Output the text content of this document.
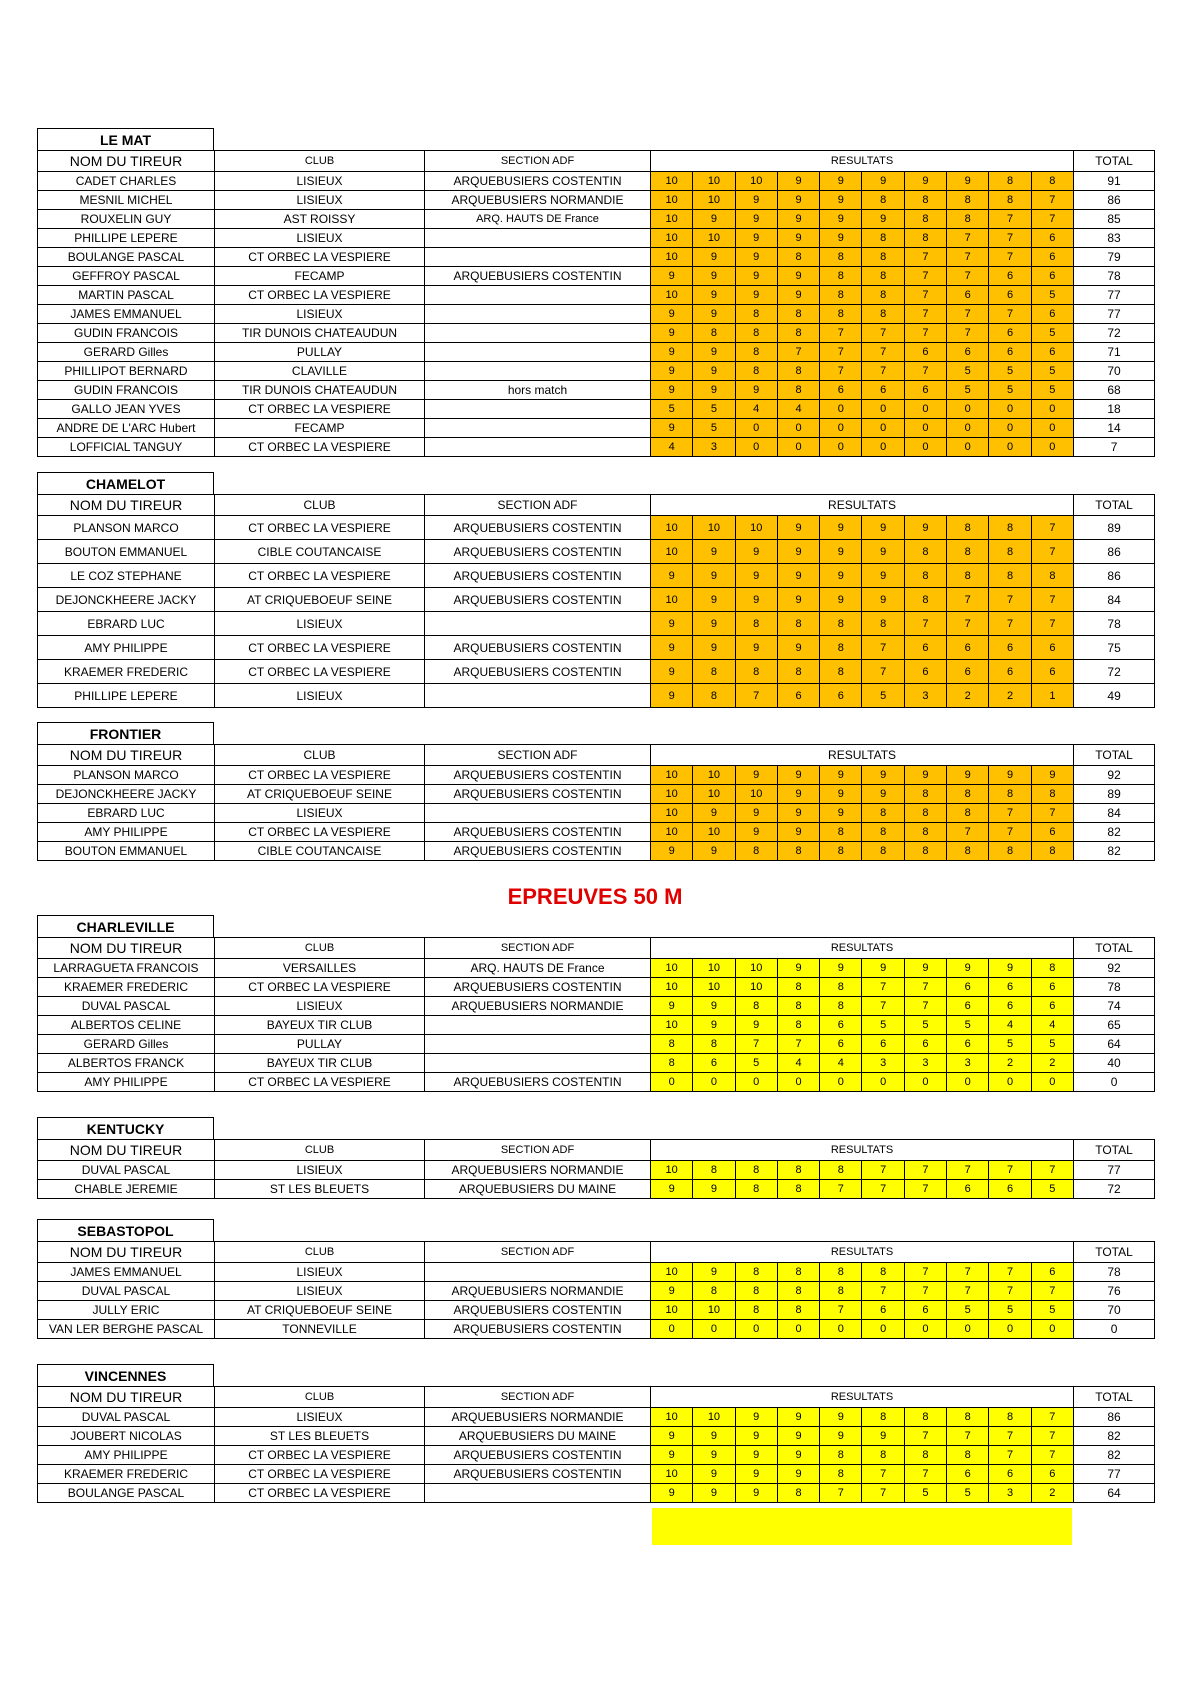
LE MAT
NOM DU TIREUR	CLUB	SECTION ADF	RESULTATS										TOTAL
CADET CHARLES	LISIEUX	ARQUEBUSIERS COSTENTIN	10	10	10	9	9	9	9	9	8	8	91
MESNIL MICHEL	LISIEUX	ARQUEBUSIERS NORMANDIE	10	10	9	9	9	8	8	8	8	7	86
ROUXELIN GUY	AST ROISSY	ARQ. HAUTS DE France	10	9	9	9	9	9	8	8	7	7	85
PHILLIPE LEPERE	LISIEUX		10	10	9	9	9	8	8	7	7	6	83
BOULANGE PASCAL	CT ORBEC LA VESPIERE		10	9	9	8	8	8	7	7	7	6	79
GEFFROY PASCAL	FECAMP	ARQUEBUSIERS COSTENTIN	9	9	9	9	8	8	7	7	6	6	78
MARTIN PASCAL	CT ORBEC LA VESPIERE		10	9	9	9	8	8	7	6	6	5	77
JAMES EMMANUEL	LISIEUX		9	9	8	8	8	8	7	7	7	6	77
GUDIN FRANCOIS	TIR DUNOIS CHATEAUDUN		9	8	8	8	7	7	7	7	6	5	72
GERARD Gilles	PULLAY		9	9	8	7	7	7	6	6	6	6	71
PHILLIPOT BERNARD	CLAVILLE		9	9	8	8	7	7	7	5	5	5	70
GUDIN FRANCOIS	TIR DUNOIS CHATEAUDUN	hors match	9	9	9	8	6	6	6	5	5	5	68
GALLO JEAN YVES	CT ORBEC LA VESPIERE		5	5	4	4	0	0	0	0	0	0	18
ANDRE DE L'ARC Hubert	FECAMP		9	5	0	0	0	0	0	0	0	0	14
LOFFICIAL TANGUY	CT ORBEC LA VESPIERE		4	3	0	0	0	0	0	0	0	0	7
CHAMELOT
NOM DU TIREUR	CLUB	SECTION ADF	RESULTATS										TOTAL
PLANSON MARCO	CT ORBEC LA VESPIERE	ARQUEBUSIERS COSTENTIN	10	10	10	9	9	9	9	8	8	7	89
BOUTON EMMANUEL	CIBLE COUTANCAISE	ARQUEBUSIERS COSTENTIN	10	9	9	9	9	9	8	8	8	7	86
LE COZ STEPHANE	CT ORBEC LA VESPIERE	ARQUEBUSIERS COSTENTIN	9	9	9	9	9	9	8	8	8	8	86
DEJONCKHEERE JACKY	AT CRIQUEBOEUF SEINE	ARQUEBUSIERS COSTENTIN	10	9	9	9	9	9	8	7	7	7	84
EBRARD LUC	LISIEUX		9	9	8	8	8	8	7	7	7	7	78
AMY PHILIPPE	CT ORBEC LA VESPIERE	ARQUEBUSIERS COSTENTIN	9	9	9	9	8	7	6	6	6	6	75
KRAEMER FREDERIC	CT ORBEC LA VESPIERE	ARQUEBUSIERS COSTENTIN	9	8	8	8	8	7	6	6	6	6	72
PHILLIPE LEPERE	LISIEUX		9	8	7	6	6	5	3	2	2	1	49
FRONTIER
NOM DU TIREUR	CLUB	SECTION ADF	RESULTATS										TOTAL
PLANSON MARCO	CT ORBEC LA VESPIERE	ARQUEBUSIERS COSTENTIN	10	10	9	9	9	9	9	9	9	9	92
DEJONCKHEERE JACKY	AT CRIQUEBOEUF SEINE	ARQUEBUSIERS COSTENTIN	10	10	10	9	9	9	8	8	8	8	89
EBRARD LUC	LISIEUX		10	9	9	9	9	8	8	8	7	7	84
AMY PHILIPPE	CT ORBEC LA VESPIERE	ARQUEBUSIERS COSTENTIN	10	10	9	9	8	8	8	7	7	6	82
BOUTON EMMANUEL	CIBLE COUTANCAISE	ARQUEBUSIERS COSTENTIN	9	9	8	8	8	8	8	8	8	8	82
EPREUVES 50 M
CHARLEVILLE
NOM DU TIREUR	CLUB	SECTION ADF	RESULTATS										TOTAL
LARRAGUETA FRANCOIS	VERSAILLES	ARQ. HAUTS DE France	10	10	10	9	9	9	9	9	9	8	92
KRAEMER FREDERIC	CT ORBEC LA VESPIERE	ARQUEBUSIERS COSTENTIN	10	10	10	8	8	7	7	6	6	6	78
DUVAL PASCAL	LISIEUX	ARQUEBUSIERS NORMANDIE	9	9	8	8	8	7	7	6	6	6	74
ALBERTOS CELINE	BAYEUX TIR CLUB		10	9	9	8	6	5	5	5	4	4	65
GERARD Gilles	PULLAY		8	8	7	7	6	6	6	6	5	5	64
ALBERTOS FRANCK	BAYEUX TIR CLUB		8	6	5	4	4	3	3	3	2	2	40
AMY PHILIPPE	CT ORBEC LA VESPIERE	ARQUEBUSIERS COSTENTIN	0	0	0	0	0	0	0	0	0	0	0
KENTUCKY
NOM DU TIREUR	CLUB	SECTION ADF	RESULTATS										TOTAL
DUVAL PASCAL	LISIEUX	ARQUEBUSIERS NORMANDIE	10	8	8	8	8	7	7	7	7	7	77
CHABLE JEREMIE	ST LES BLEUETS	ARQUEBUSIERS DU MAINE	9	9	8	8	7	7	7	6	6	5	72
SEBASTOPOL
NOM DU TIREUR	CLUB	SECTION ADF	RESULTATS										TOTAL
JAMES EMMANUEL	LISIEUX		10	9	8	8	8	8	7	7	7	6	78
DUVAL PASCAL	LISIEUX	ARQUEBUSIERS NORMANDIE	9	8	8	8	8	7	7	7	7	7	76
JULLY ERIC	AT CRIQUEBOEUF SEINE	ARQUEBUSIERS COSTENTIN	10	10	8	8	7	6	6	5	5	5	70
VAN LER BERGHE PASCAL	TONNEVILLE	ARQUEBUSIERS COSTENTIN	0	0	0	0	0	0	0	0	0	0	0
VINCENNES
NOM DU TIREUR	CLUB	SECTION ADF	RESULTATS										TOTAL
DUVAL PASCAL	LISIEUX	ARQUEBUSIERS NORMANDIE	10	10	9	9	9	8	8	8	8	7	86
JOUBERT NICOLAS	ST LES BLEUETS	ARQUEBUSIERS DU MAINE	9	9	9	9	9	9	7	7	7	7	82
AMY PHILIPPE	CT ORBEC LA VESPIERE	ARQUEBUSIERS COSTENTIN	9	9	9	9	8	8	8	8	7	7	82
KRAEMER FREDERIC	CT ORBEC LA VESPIERE	ARQUEBUSIERS COSTENTIN	10	9	9	9	8	7	7	6	6	6	77
BOULANGE PASCAL	CT ORBEC LA VESPIERE		9	9	9	8	7	7	5	5	3	2	64
